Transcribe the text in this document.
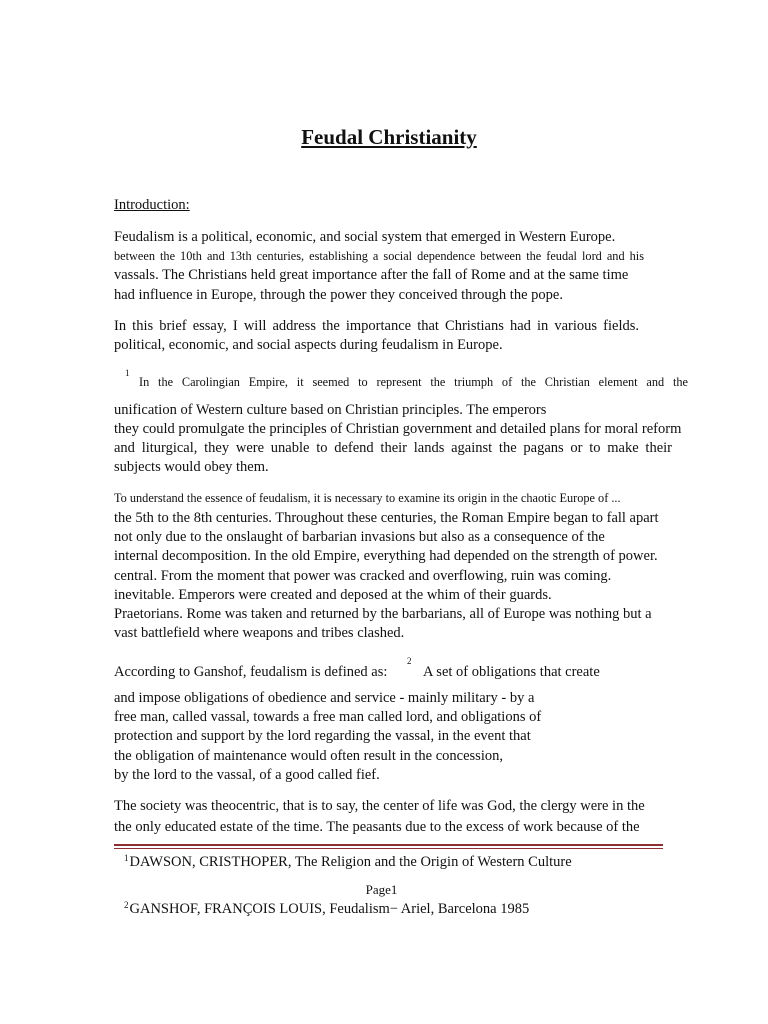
Feudal Christianity

Introduction:

Feudalism is a political, economic, and social system that emerged in Western Europe.

between the 10th and 13th centuries, establishing a social dependence between the feudal lord and his

vassals. The Christians held great importance after the fall of Rome and at the same time

had influence in Europe, through the power they conceived through the pope.

In this brief essay, I will address the importance that Christians had in various fields.

political, economic, and social aspects during feudalism in Europe.

1

In the Carolingian Empire, it seemed to represent the triumph of the Christian element and the

unification of Western culture based on Christian principles. The emperors

they could promulgate the principles of Christian government and detailed plans for moral reform

and liturgical, they were unable to defend their lands against the pagans or to make their

subjects would obey them.

To understand the essence of feudalism, it is necessary to examine its origin in the chaotic Europe of ...

the 5th to the 8th centuries. Throughout these centuries, the Roman Empire began to fall apart

not only due to the onslaught of barbarian invasions but also as a consequence of the

internal decomposition. In the old Empire, everything had depended on the strength of power.

central. From the moment that power was cracked and overflowing, ruin was coming.

inevitable. Emperors were created and deposed at the whim of their guards.

Praetorians. Rome was taken and returned by the barbarians, all of Europe was nothing but a

vast battlefield where weapons and tribes clashed.

According to Ganshof, feudalism is defined as:

2

A set of obligations that create

and impose obligations of obedience and service - mainly military - by a

free man, called vassal, towards a free man called lord, and obligations of

protection and support by the lord regarding the vassal, in the event that

the obligation of maintenance would often result in the concession,

by the lord to the vassal, of a good called fief.

The society was theocentric, that is to say, the center of life was God, the clergy were in the

the only educated estate of the time. The peasants due to the excess of work because of the

$^1$DAWSON, CRISTHOPER, The Religion and the Origin of Western Culture
Page1
$^2$GANSHOF, FRANÇOIS LOUIS, Feudalism− Ariel, Barcelona 1985
